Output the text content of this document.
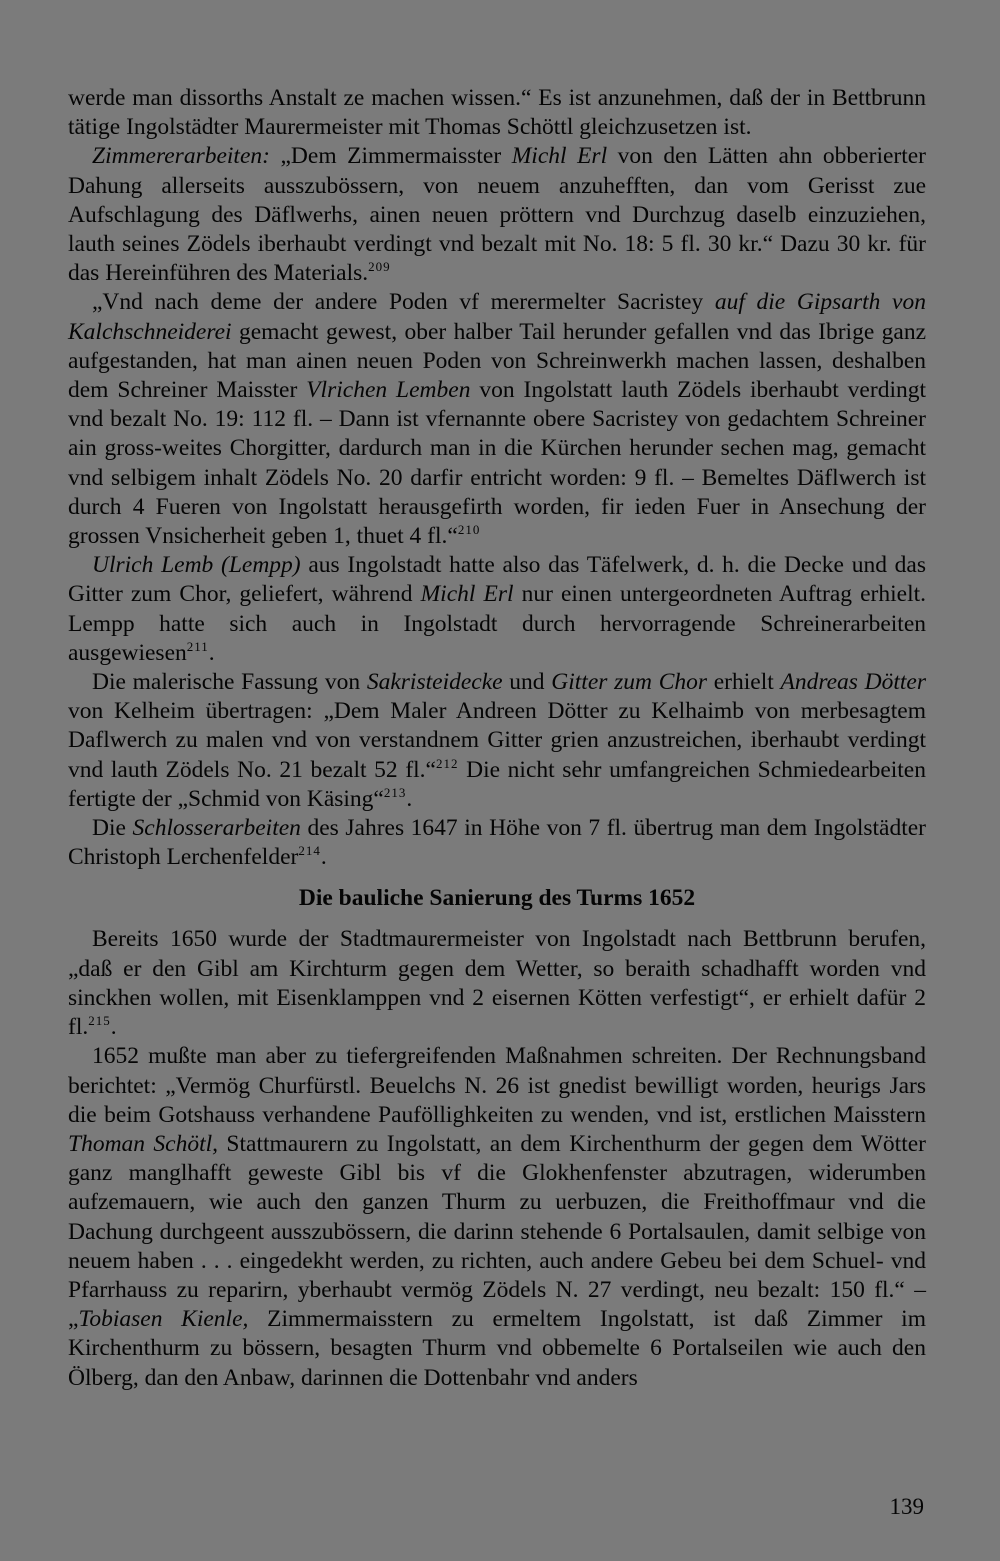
werde man dissorths Anstalt ze machen wissen.“ Es ist anzunehmen, daß der in Bettbrunn tätige Ingolstädter Maurermeister mit Thomas Schöttl gleichzusetzen ist.

Zimmererarbeiten: „Dem Zimmermaisster Michl Erl von den Lätten ahn obberierter Dahung allerseits ausszubössern, von neuem anzuhefften, dan vom Gerisst zue Aufschlagung des Däflwerhs, ainen neuen pröttern vnd Durchzug daselb einzuziehen, lauth seines Zödels iberhaubt verdingt vnd bezalt mit No. 18: 5 fl. 30 kr.“ Dazu 30 kr. für das Hereinführen des Materials.$^{209}$

„Vnd nach deme der andere Poden vf merermelter Sacristey auf die Gipsarth von Kalchschneiderei gemacht gewest, ober halber Tail herunder gefallen vnd das Ibrige ganz aufgestanden, hat man ainen neuen Poden von Schreinwerkh machen lassen, deshalben dem Schreiner Maisster Vlrichen Lemben von Ingolstatt lauth Zödels iberhaubt verdingt vnd bezalt No. 19: 112 fl. – Dann ist vfernannte obere Sacristey von gedachtem Schreiner ain gross-weites Chorgitter, dardurch man in die Kürchen herunder sechen mag, gemacht vnd selbigem inhalt Zödels No. 20 darfir entricht worden: 9 fl. – Bemeltes Däflwerch ist durch 4 Fueren von Ingolstatt herausgefirth worden, fir ieden Fuer in Ansechung der grossen Vnsicherheit geben 1, thuet 4 fl.“$^{210}$

Ulrich Lemb (Lempp) aus Ingolstadt hatte also das Täfelwerk, d. h. die Decke und das Gitter zum Chor, geliefert, während Michl Erl nur einen untergeordneten Auftrag erhielt. Lempp hatte sich auch in Ingolstadt durch hervorragende Schreinerarbeiten ausgewiesen$^{211}$.

Die malerische Fassung von Sakristeidecke und Gitter zum Chor erhielt Andreas Dötter von Kelheim übertragen: „Dem Maler Andreen Dötter zu Kelhaimb von merbesagtem Daflwerch zu malen vnd von verstandnem Gitter grien anzustreichen, iberhaubt verdingt vnd lauth Zödels No. 21 bezalt 52 fl.“$^{212}$ Die nicht sehr umfangreichen Schmiedearbeiten fertigte der „Schmid von Käsing“$^{213}$.

Die Schlosserarbeiten des Jahres 1647 in Höhe von 7 fl. übertrug man dem Ingolstädter Christoph Lerchenfelder$^{214}$.

Die bauliche Sanierung des Turms 1652

Bereits 1650 wurde der Stadtmaurermeister von Ingolstadt nach Bettbrunn berufen, „daß er den Gibl am Kirchturm gegen dem Wetter, so beraith schadhafft worden vnd sinckhen wollen, mit Eisenklamppen vnd 2 eisernen Kötten verfestigt“, er erhielt dafür 2 fl.$^{215}$.

1652 mußte man aber zu tiefergreifenden Maßnahmen schreiten. Der Rechnungsband berichtet: „Vermög Churfürstl. Beuelchs N. 26 ist gnedist bewilligt worden, heurigs Jars die beim Gotshauss verhandene Pauföllighkeiten zu wenden, vnd ist, erstlichen Maisstern Thoman Schötl, Stattmaurern zu Ingolstatt, an dem Kirchenthurm der gegen dem Wötter ganz manglhafft geweste Gibl bis vf die Glokhenfenster abzutragen, widerumben aufzemauern, wie auch den ganzen Thurm zu uerbuzen, die Freithoffmaur vnd die Dachung durchgeent ausszubössern, die darinn stehende 6 Portalsaulen, damit selbige von neuem haben . . . eingedekht werden, zu richten, auch andere Gebeu bei dem Schuel- vnd Pfarrhauss zu reparirn, yberhaubt vermög Zödels N. 27 verdingt, neu bezalt: 150 fl.“ – „Tobiasen Kienle, Zimmermaisstern zu ermeltem Ingolstatt, ist daß Zimmer im Kirchenthurm zu bössern, besagten Thurm vnd obbemelte 6 Portalseilen wie auch den Ölberg, dan den Anbaw, darinnen die Dottenbahr vnd anders

139
